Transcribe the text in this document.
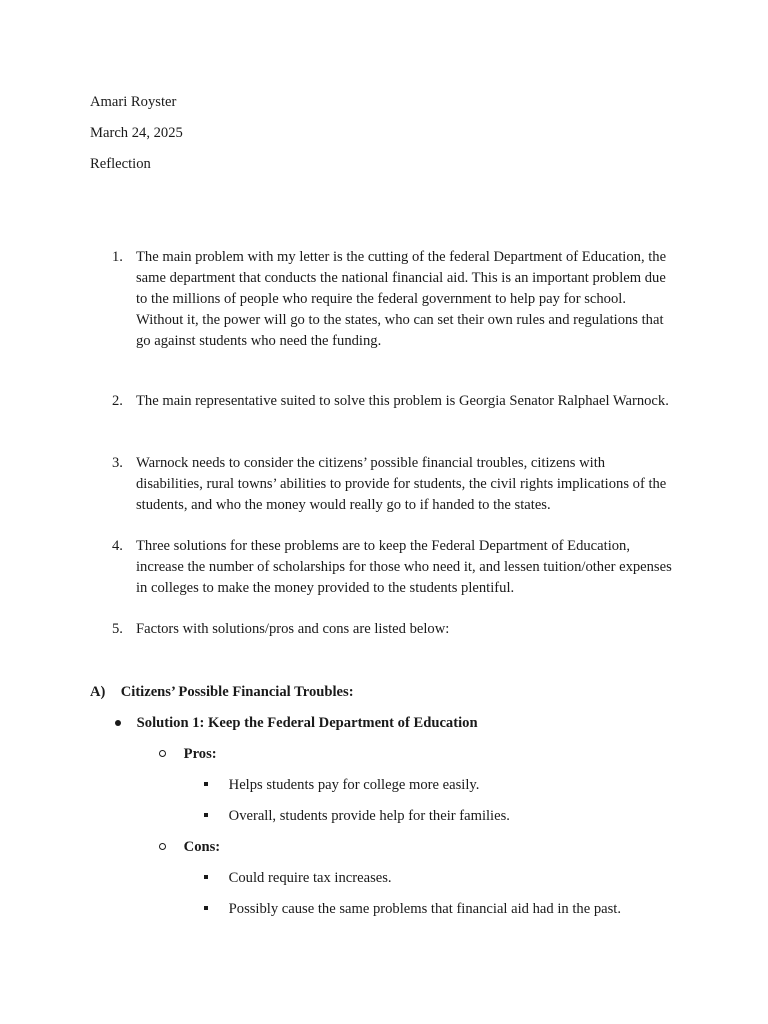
Amari Royster
March 24, 2025
Reflection
1. The main problem with my letter is the cutting of the federal Department of Education, the same department that conducts the national financial aid. This is an important problem due to the millions of people who require the federal government to help pay for school. Without it, the power will go to the states, who can set their own rules and regulations that go against students who need the funding.
2. The main representative suited to solve this problem is Georgia Senator Ralphael Warnock.
3. Warnock needs to consider the citizens’ possible financial troubles, citizens with disabilities, rural towns’ abilities to provide for students, the civil rights implications of the students, and who the money would really go to if handed to the states.
4. Three solutions for these problems are to keep the Federal Department of Education, increase the number of scholarships for those who need it, and lessen tuition/other expenses in colleges to make the money provided to the students plentiful.
5. Factors with solutions/pros and cons are listed below:
A) Citizens’ Possible Financial Troubles:
Solution 1: Keep the Federal Department of Education
Pros:
Helps students pay for college more easily.
Overall, students provide help for their families.
Cons:
Could require tax increases.
Possibly cause the same problems that financial aid had in the past.
